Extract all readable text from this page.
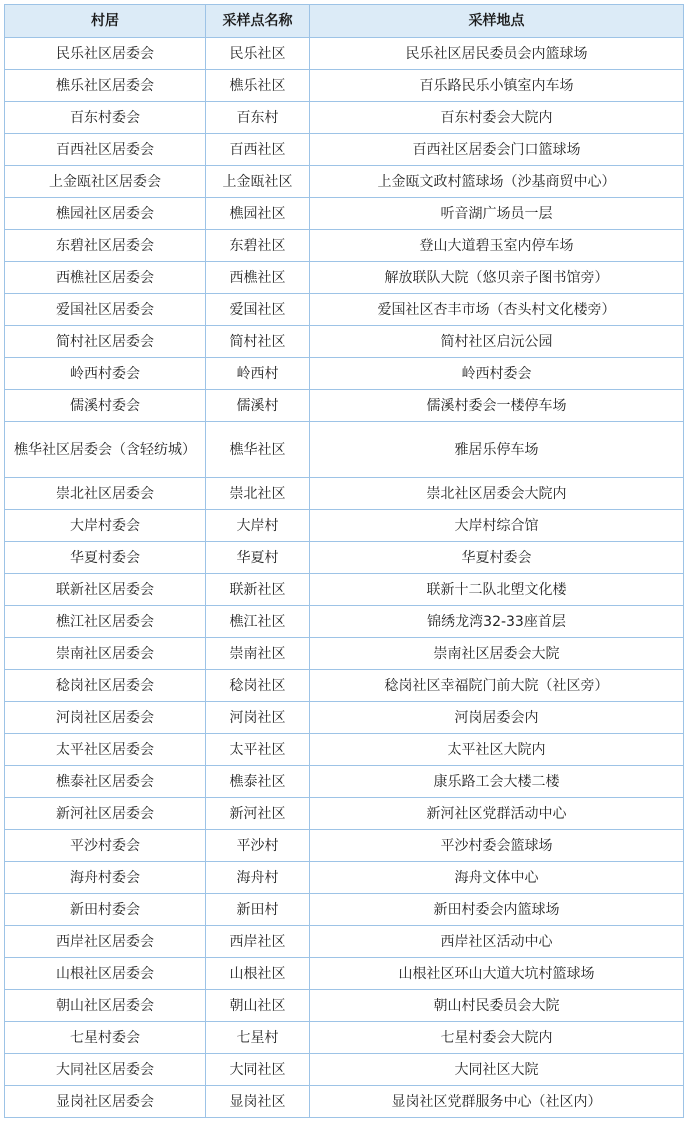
村居	采样点名称	采样地点
民乐社区居委会	民乐社区	民乐社区居民委员会内篮球场
樵乐社区居委会	樵乐社区	百乐路民乐小镇室内车场
百东村委会	百东村	百东村委会大院内
百西社区居委会	百西社区	百西社区居委会门口篮球场
上金瓯社区居委会	上金瓯社区	上金瓯文政村篮球场（沙基商贸中心）
樵园社区居委会	樵园社区	听音湖广场员一层
东碧社区居委会	东碧社区	登山大道碧玉室内停车场
西樵社区居委会	西樵社区	解放联队大院（悠贝亲子图书馆旁）
爱国社区居委会	爱国社区	爱国社区杏丰市场（杏头村文化楼旁）
简村社区居委会	简村社区	简村社区启沅公园
岭西村委会	岭西村	岭西村委会
儒溪村委会	儒溪村	儒溪村委会一楼停车场
樵华社区居委会（含轻纺城）	樵华社区	雅居乐停车场
崇北社区居委会	崇北社区	崇北社区居委会大院内
大岸村委会	大岸村	大岸村综合馆
华夏村委会	华夏村	华夏村委会
联新社区居委会	联新社区	联新十二队北塱文化楼
樵江社区居委会	樵江社区	锦绣龙湾32-33座首层
崇南社区居委会	崇南社区	崇南社区居委会大院
稔岗社区居委会	稔岗社区	稔岗社区幸福院门前大院（社区旁）
河岗社区居委会	河岗社区	河岗居委会内
太平社区居委会	太平社区	太平社区大院内
樵泰社区居委会	樵泰社区	康乐路工会大楼二楼
新河社区居委会	新河社区	新河社区党群活动中心
平沙村委会	平沙村	平沙村委会篮球场
海舟村委会	海舟村	海舟文体中心
新田村委会	新田村	新田村委会内篮球场
西岸社区居委会	西岸社区	西岸社区活动中心
山根社区居委会	山根社区	山根社区环山大道大坑村篮球场
朝山社区居委会	朝山社区	朝山村民委员会大院
七星村委会	七星村	七星村委会大院内
大同社区居委会	大同社区	大同社区大院
显岗社区居委会	显岗社区	显岗社区党群服务中心（社区内）
